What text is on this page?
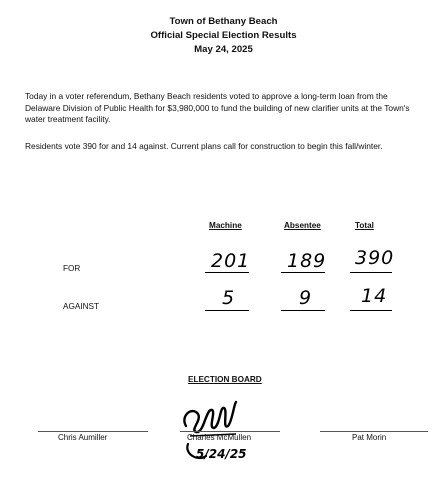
Town of Bethany Beach
Official Special Election Results
May 24, 2025
Today in a voter referendum, Bethany Beach residents voted to approve a long-term loan from the Delaware Division of Public Health for $3,980,000 to fund the building of new clarifier units at the Town's water treatment facility.
Residents vote 390 for and 14 against. Current plans call for construction to begin this fall/winter.
Machine	Absentee	Total
FOR	201 189 390
AGAINST	5	9	14
ELECTION BOARD
5/24/25
Chris Aumiller	Charles McMullen	Pat Morin
